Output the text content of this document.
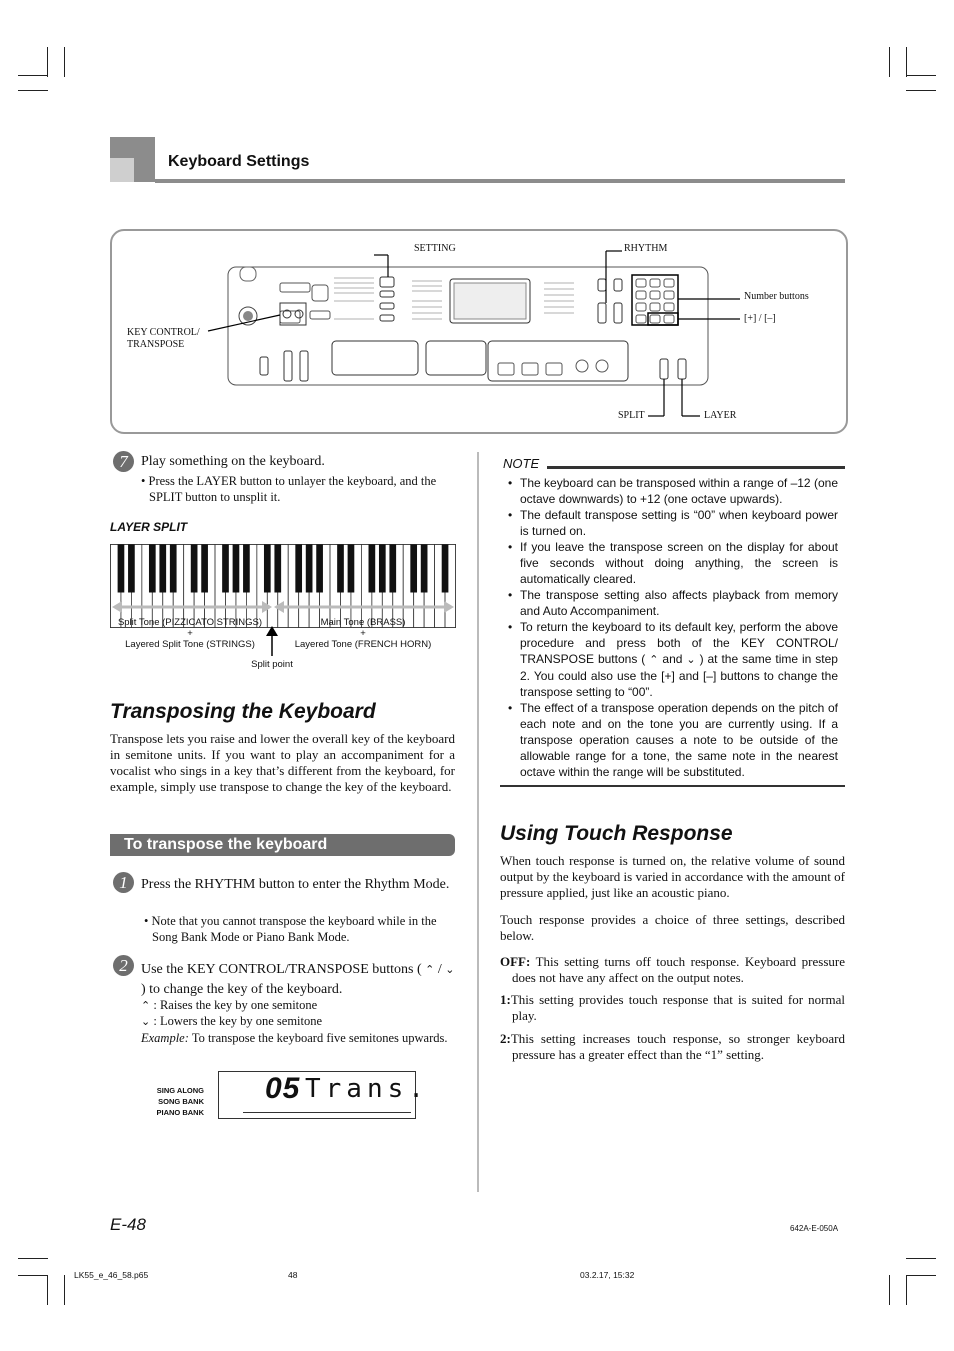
Keyboard Settings
SETTING	RHYTHM
Number buttons
[+] / [–]
KEY CONTROL/
TRANSPOSE
SPLIT	LAYER
7 Play something on the keyboard.
• Press the LAYER button to unlayer the keyboard, and the SPLIT button to unsplit it.
LAYER SPLIT
Split Tone (PIZZICATO STRINGS)
+
Layered Split Tone (STRINGS)
Main Tone (BRASS)
+
Layered Tone (FRENCH HORN)
Split point
Transposing the Keyboard
Transpose lets you raise and lower the overall key of the keyboard in semitone units. If you want to play an accompaniment for a vocalist who sings in a key that’s different from the keyboard, for example, simply use transpose to change the key of the keyboard.
To transpose the keyboard
1 Press the RHYTHM button to enter the Rhythm Mode.
• Note that you cannot transpose the keyboard while in the Song Bank Mode or Piano Bank Mode.
2 Use the KEY CONTROL/TRANSPOSE buttons ( ⌃ / ⌄ ) to change the key of the keyboard.
⌃ : Raises the key by one semitone
⌄ : Lowers the key by one semitone
Example: To transpose the keyboard five semitones upwards.
SING ALONG
SONG BANK
PIANO BANK
05 Trans.
NOTE
• The keyboard can be transposed within a range of –12 (one octave downwards) to +12 (one octave upwards).
• The default transpose setting is “00” when keyboard power is turned on.
• If you leave the transpose screen on the display for about five seconds without doing anything, the screen is automatically cleared.
• The transpose setting also affects playback from memory and Auto Accompaniment.
• To return the keyboard to its default key, perform the above procedure and press both of the KEY CONTROL/ TRANSPOSE buttons ( ⌃ and ⌄ ) at the same time in step 2. You could also use the [+] and [–] buttons to change the transpose setting to “00”.
• The effect of a transpose operation depends on the pitch of each note and on the tone you are currently using. If a transpose operation causes a note to be outside of the allowable range for a tone, the same note in the nearest octave within the range will be substituted.
Using Touch Response
When touch response is turned on, the relative volume of sound output by the keyboard is varied in accordance with the amount of pressure applied, just like an acoustic piano.
Touch response provides a choice of three settings, described below.
OFF: This setting turns off touch response. Keyboard pressure does not have any affect on the output notes.
1:This setting provides touch response that is suited for normal play.
2:This setting increases touch response, so stronger keyboard pressure has a greater effect than the “1” setting.
E-48	642A-E-050A
LK55_e_46_58.p65	48	03.2.17, 15:32
